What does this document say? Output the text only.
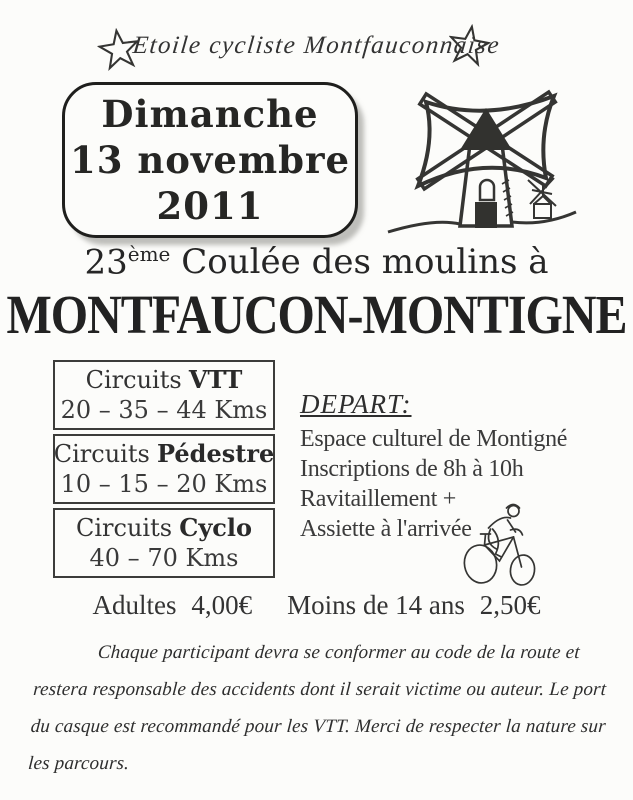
Etoile cycliste Montfauconnaise
Dimanche
13 novembre
2011
23ème Coulée des moulins à
MONTFAUCON-MONTIGNE
Circuits VTT
20 – 35 – 44 Kms
Circuits Pédestre
10 – 15 – 20 Kms
Circuits Cyclo
40 – 70 Kms
DEPART:
Espace culturel de Montigné
Inscriptions de 8h à 10h
Ravitaillement +
Assiette à l'arrivée
Adultes 4,00€ Moins de 14 ans 2,50€
Chaque participant devra se conformer au code de la route et
restera responsable des accidents dont il serait victime ou auteur. Le port
du casque est recommandé pour les VTT. Merci de respecter la nature sur
les parcours.
